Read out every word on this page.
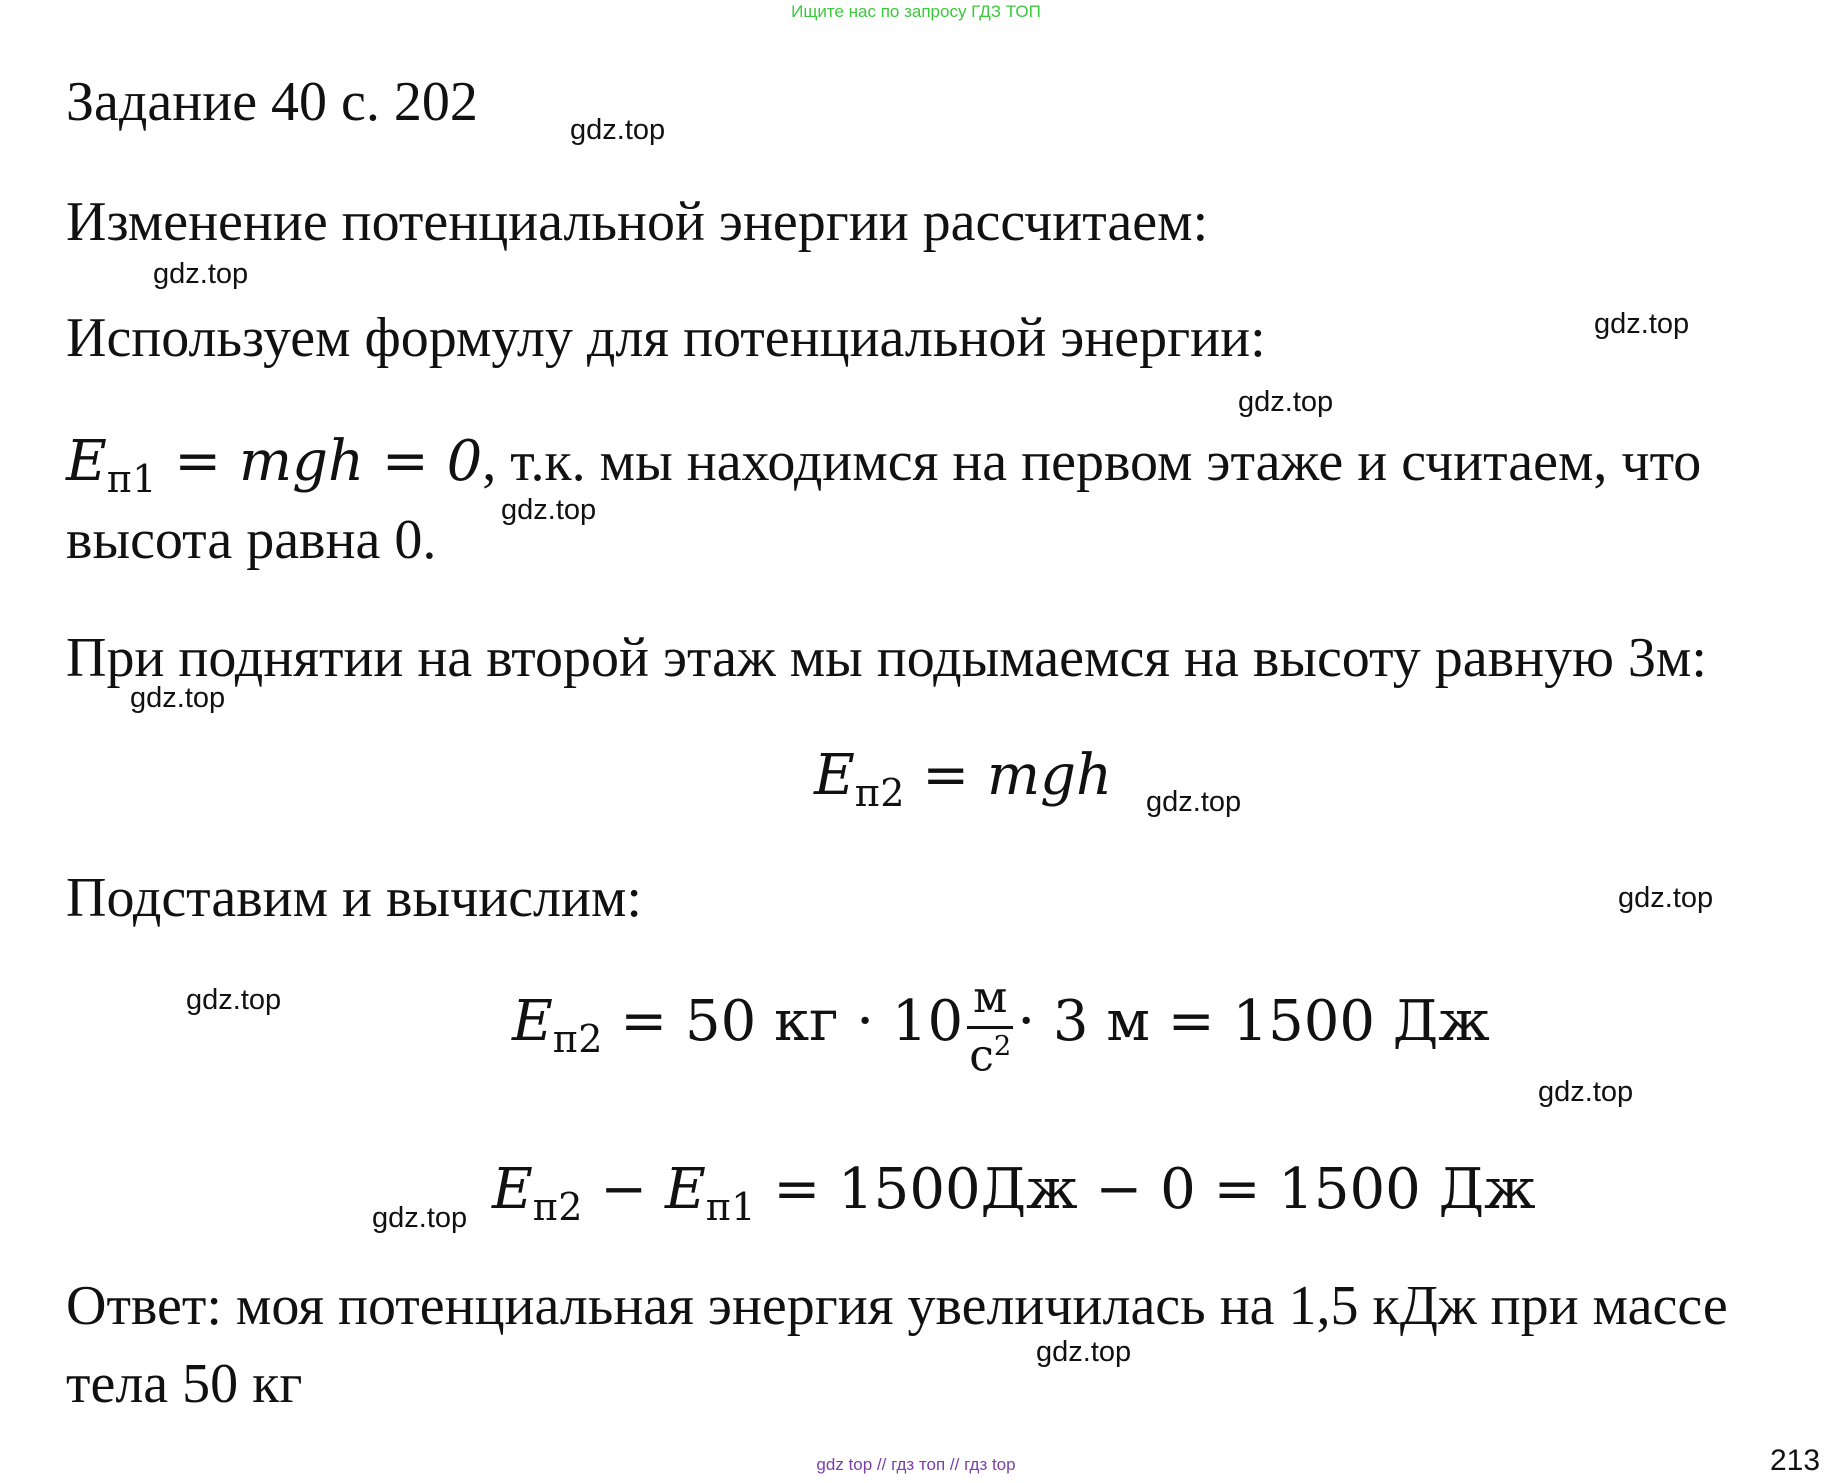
Ищите нас по запросу ГДЗ ТОП
Задание 40 с. 202	gdz.top
Изменение потенциальной энергии рассчитаем:
gdz.top
Используем формулу для потенциальной энергии:	gdz.top
gdz.top
$E_{п1}$ = mgh = 0, т.к. мы находимся на первом этаже и считаем, что
gdz.top
высота равна 0.
При поднятии на второй этаж мы подымаемся на высоту равную 3м:
gdz.top
$E_{п2}$ = mgh gdz.top
Подставим и вычислим:	gdz.top
gdz.top	$E_{п2} = 50$ кг · $10 \frac{м}{с^2} \cdot 3$ м = 1500 Дж
gdz.top
gdz.top $E_{п2} - E_{п1} = 1500Дж - 0 = 1500$ Дж
Ответ: моя потенциальная энергия увеличилась на 1,5 кДж при массе
gdz.top
тела 50 кг
213
gdz top // гдз топ // гдз top
